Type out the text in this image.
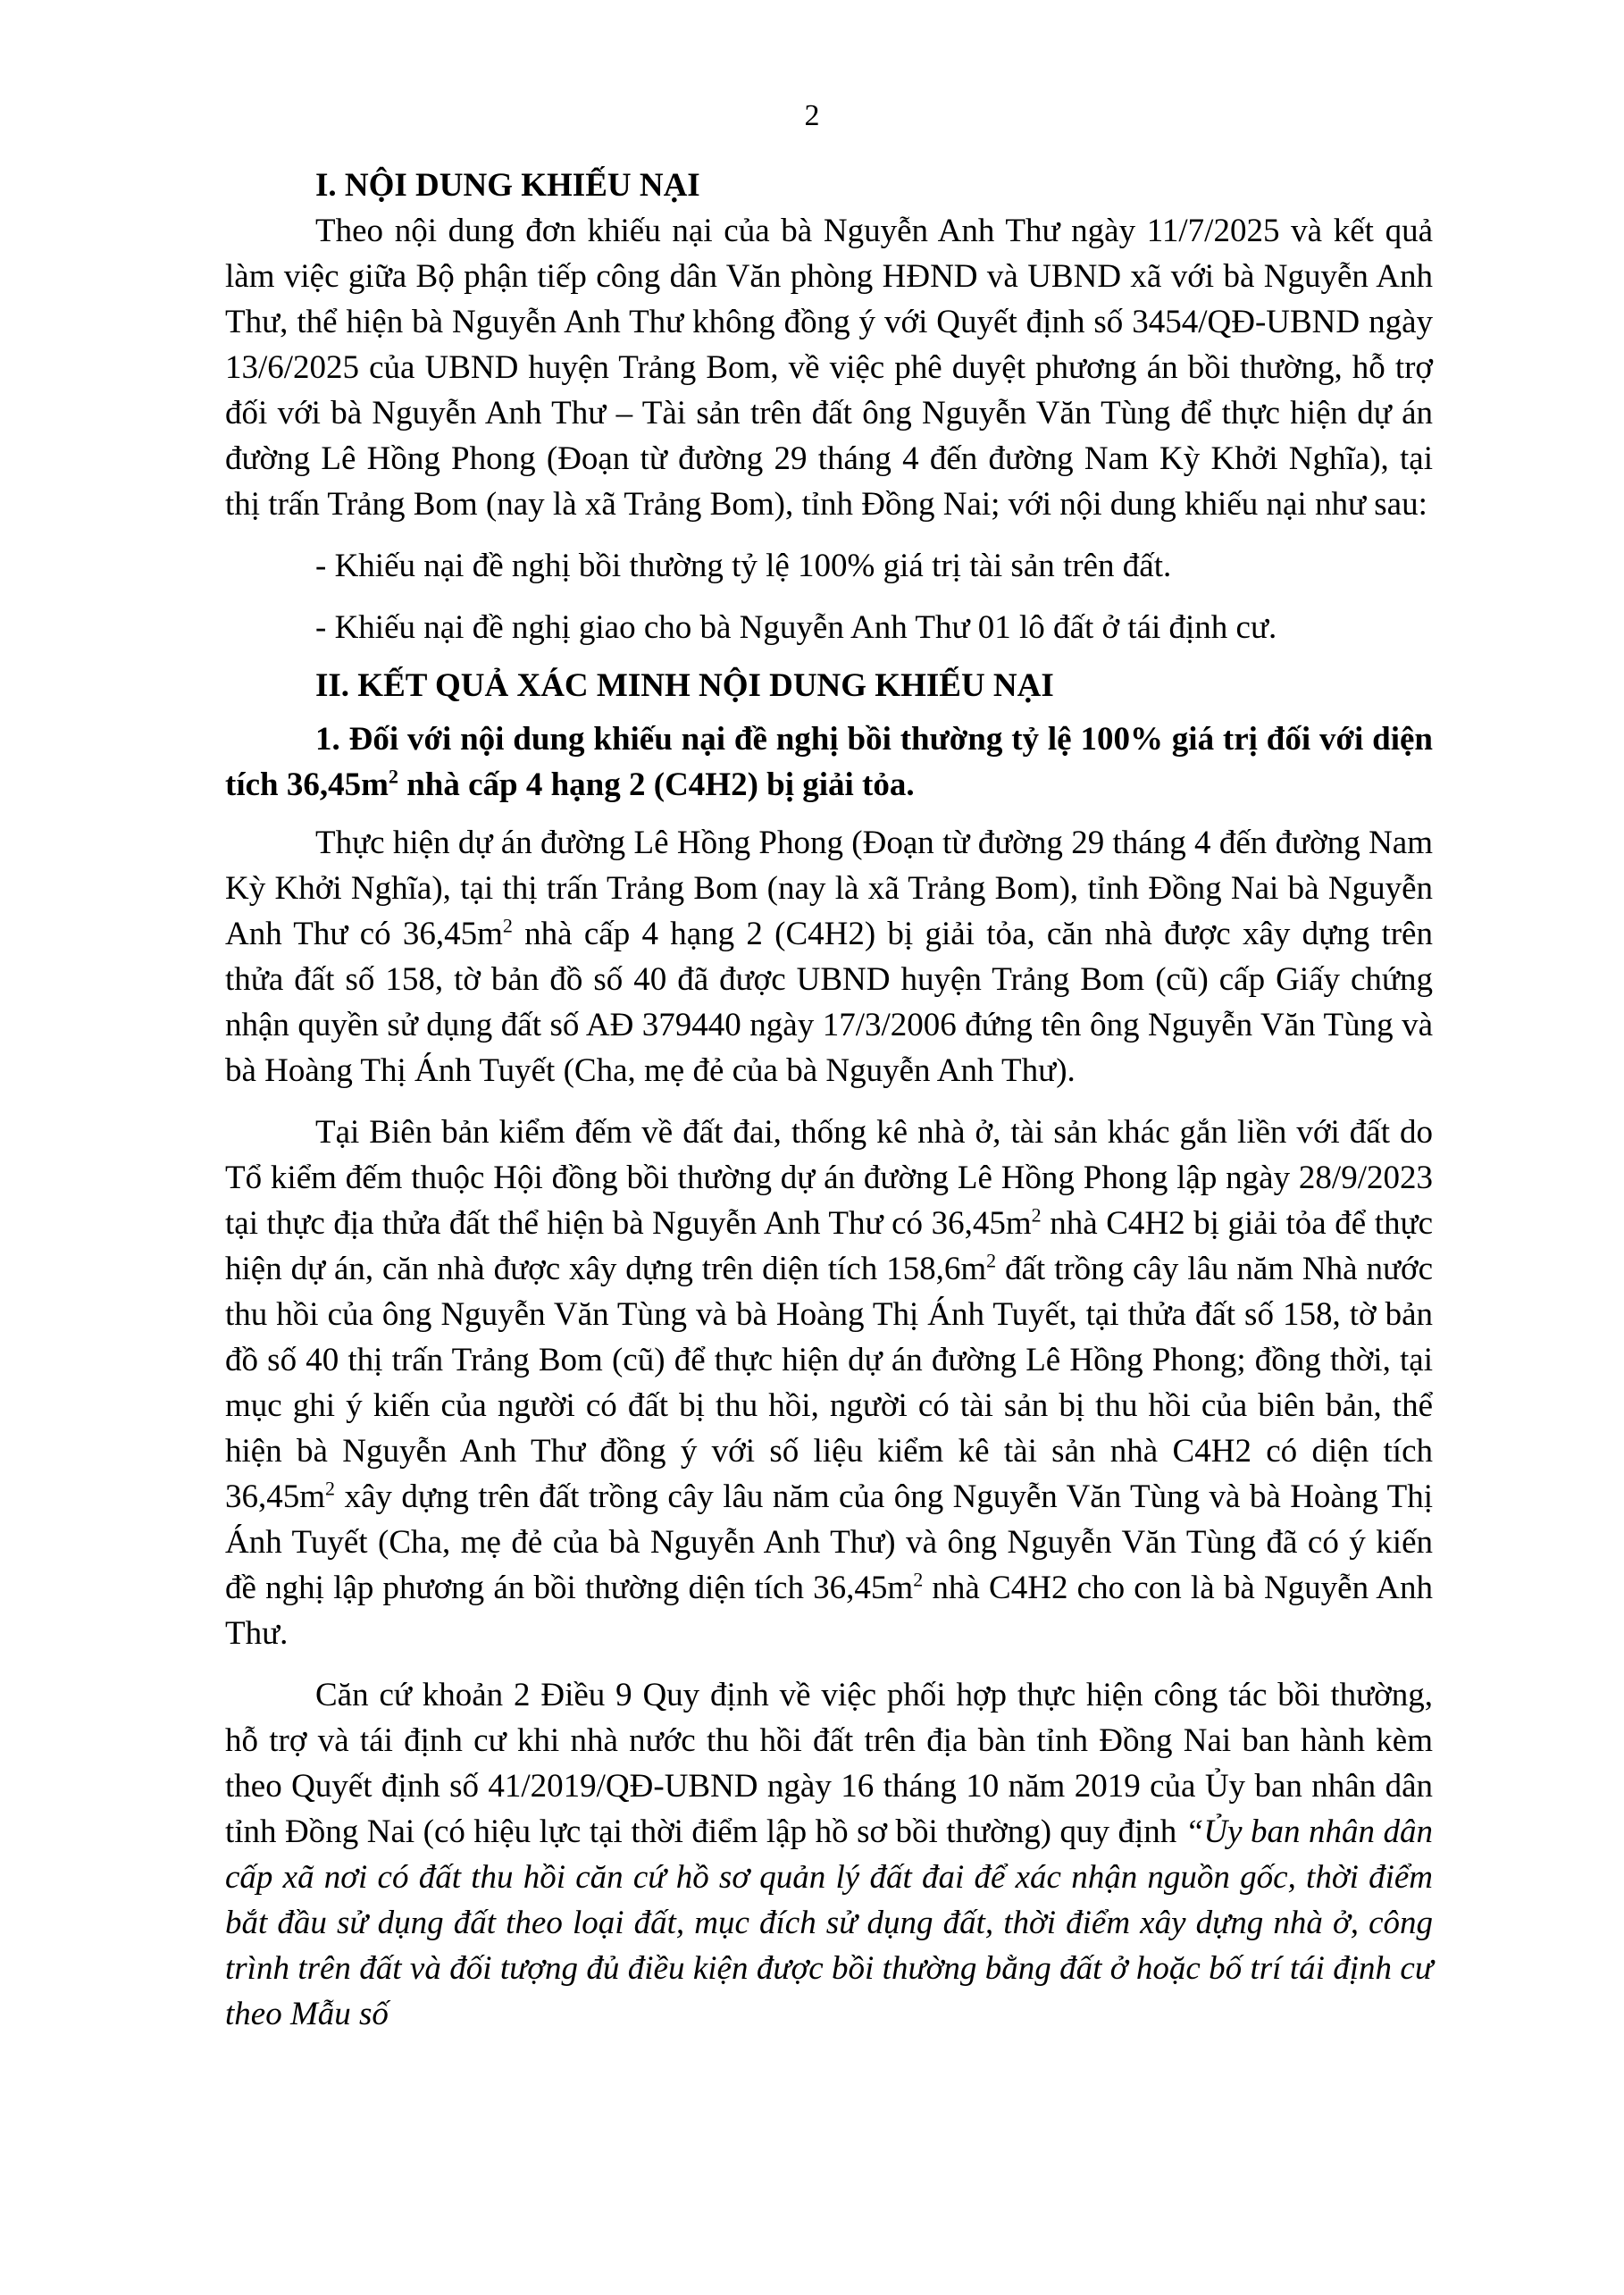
2
I. NỘI DUNG KHIẾU NẠI

Theo nội dung đơn khiếu nại của bà Nguyễn Anh Thư ngày 11/7/2025 và kết quả làm việc giữa Bộ phận tiếp công dân Văn phòng HĐND và UBND xã với bà Nguyễn Anh Thư, thể hiện bà Nguyễn Anh Thư không đồng ý với Quyết định số 3454/QĐ-UBND ngày 13/6/2025 của UBND huyện Trảng Bom, về việc phê duyệt phương án bồi thường, hỗ trợ đối với bà Nguyễn Anh Thư – Tài sản trên đất ông Nguyễn Văn Tùng để thực hiện dự án đường Lê Hồng Phong (Đoạn từ đường 29 tháng 4 đến đường Nam Kỳ Khởi Nghĩa), tại thị trấn Trảng Bom (nay là xã Trảng Bom), tỉnh Đồng Nai; với nội dung khiếu nại như sau:

- Khiếu nại đề nghị bồi thường tỷ lệ 100% giá trị tài sản trên đất.

- Khiếu nại đề nghị giao cho bà Nguyễn Anh Thư 01 lô đất ở tái định cư.

II. KẾT QUẢ XÁC MINH NỘI DUNG KHIẾU NẠI
1. Đối với nội dung khiếu nại đề nghị bồi thường tỷ lệ 100% giá trị đối với diện tích $36,45m^2$ nhà cấp 4 hạng 2 (C4H2) bị giải tỏa.

Thực hiện dự án đường Lê Hồng Phong (Đoạn từ đường 29 tháng 4 đến đường Nam Kỳ Khởi Nghĩa), tại thị trấn Trảng Bom (nay là xã Trảng Bom), tỉnh Đồng Nai bà Nguyễn Anh Thư có $36,45m^2$ nhà cấp 4 hạng 2 (C4H2) bị giải tỏa, căn nhà được xây dựng trên thửa đất số 158, tờ bản đồ số 40 đã được UBND huyện Trảng Bom (cũ) cấp Giấy chứng nhận quyền sử dụng đất số AĐ 379440 ngày 17/3/2006 đứng tên ông Nguyễn Văn Tùng và bà Hoàng Thị Ánh Tuyết (Cha, mẹ đẻ của bà Nguyễn Anh Thư).

Tại Biên bản kiểm đếm về đất đai, thống kê nhà ở, tài sản khác gắn liền với đất do Tổ kiểm đếm thuộc Hội đồng bồi thường dự án đường Lê Hồng Phong lập ngày 28/9/2023 tại thực địa thửa đất thể hiện bà Nguyễn Anh Thư có $36,45m^2$ nhà C4H2 bị giải tỏa để thực hiện dự án, căn nhà được xây dựng trên diện tích $158,6m^2$ đất trồng cây lâu năm Nhà nước thu hồi của ông Nguyễn Văn Tùng và bà Hoàng Thị Ánh Tuyết, tại thửa đất số 158, tờ bản đồ số 40 thị trấn Trảng Bom (cũ) để thực hiện dự án đường Lê Hồng Phong; đồng thời, tại mục ghi ý kiến của người có đất bị thu hồi, người có tài sản bị thu hồi của biên bản, thể hiện bà Nguyễn Anh Thư đồng ý với số liệu kiểm kê tài sản nhà C4H2 có diện tích $36,45m^2$ xây dựng trên đất trồng cây lâu năm của ông Nguyễn Văn Tùng và bà Hoàng Thị Ánh Tuyết (Cha, mẹ đẻ của bà Nguyễn Anh Thư) và ông Nguyễn Văn Tùng đã có ý kiến đề nghị lập phương án bồi thường diện tích $36,45m^2$ nhà C4H2 cho con là bà Nguyễn Anh Thư.

Căn cứ khoản 2 Điều 9 Quy định về việc phối hợp thực hiện công tác bồi thường, hỗ trợ và tái định cư khi nhà nước thu hồi đất trên địa bàn tỉnh Đồng Nai ban hành kèm theo Quyết định số 41/2019/QĐ-UBND ngày 16 tháng 10 năm 2019 của Ủy ban nhân dân tỉnh Đồng Nai (có hiệu lực tại thời điểm lập hồ sơ bồi thường) quy định “Ủy ban nhân dân cấp xã nơi có đất thu hồi căn cứ hồ sơ quản lý đất đai để xác nhận nguồn gốc, thời điểm bắt đầu sử dụng đất theo loại đất, mục đích sử dụng đất, thời điểm xây dựng nhà ở, công trình trên đất và đối tượng đủ điều kiện được bồi thường bằng đất ở hoặc bố trí tái định cư theo Mẫu số
